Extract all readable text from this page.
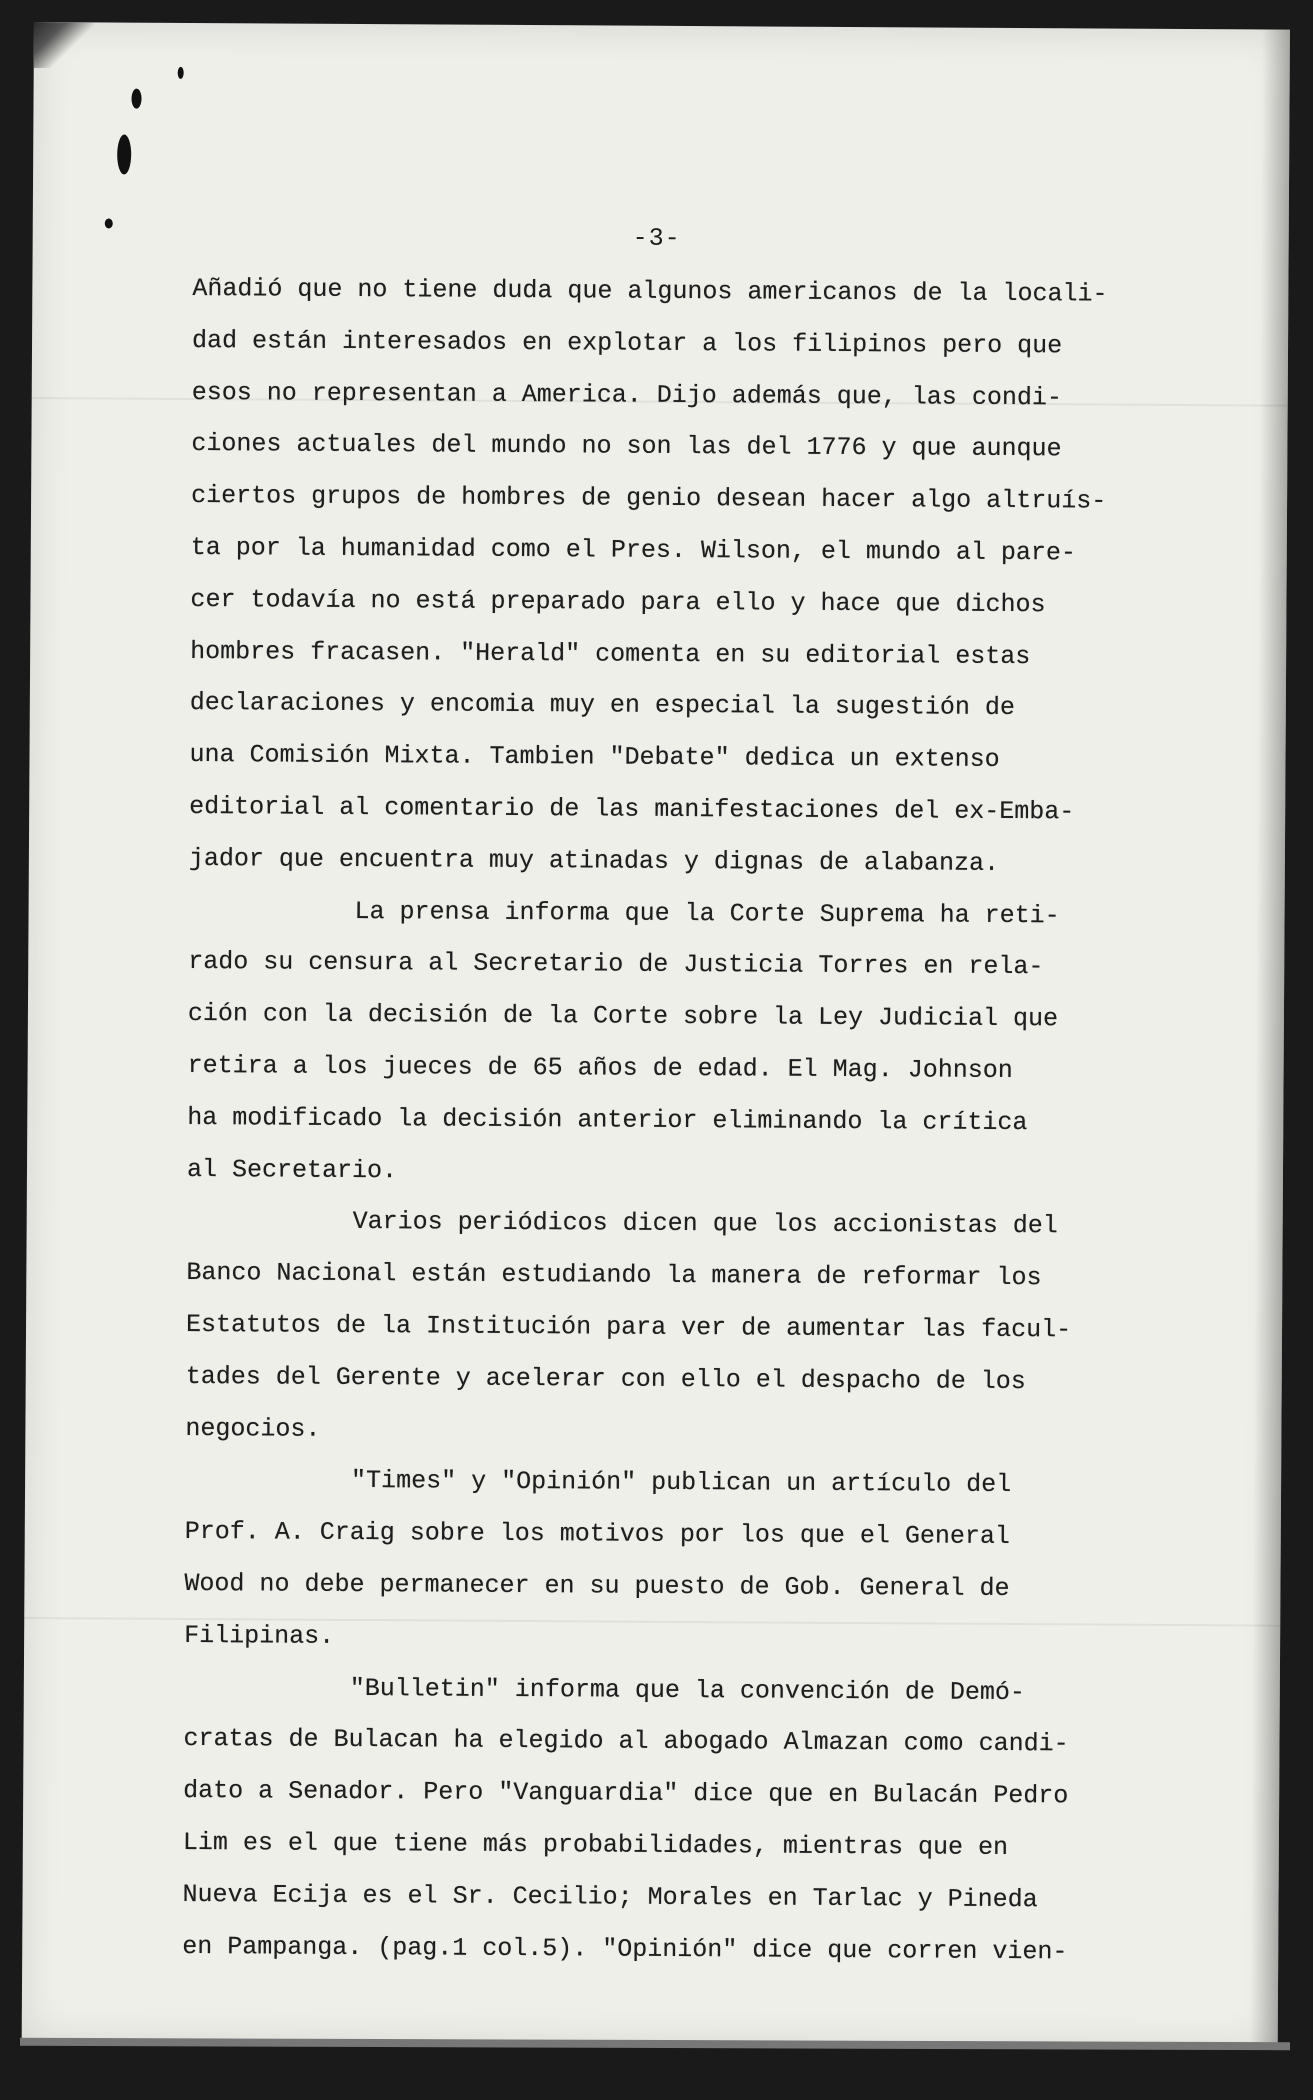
-3-
Añadió que no tiene duda que algunos americanos de la locali-
dad están interesados en explotar a los filipinos pero que
esos no representan a America. Dijo además que, las condi-
ciones actuales del mundo no son las del 1776 y que aunque
ciertos grupos de hombres de genio desean hacer algo altruís-
ta por la humanidad como el Pres. Wilson, el mundo al pare-
cer todavía no está preparado para ello y hace que dichos
hombres fracasen. "Herald" comenta en su editorial estas
declaraciones y encomia muy en especial la sugestión de
una Comisión Mixta. Tambien "Debate" dedica un extenso
editorial al comentario de las manifestaciones del ex-Emba-
jador que encuentra muy atinadas y dignas de alabanza.
La prensa informa que la Corte Suprema ha reti-
rado su censura al Secretario de Justicia Torres en rela-
ción con la decisión de la Corte sobre la Ley Judicial que
retira a los jueces de 65 años de edad. El Mag. Johnson
ha modificado la decisión anterior eliminando la crítica
al Secretario.
Varios periódicos dicen que los accionistas del
Banco Nacional están estudiando la manera de reformar los
Estatutos de la Institución para ver de aumentar las facul-
tades del Gerente y acelerar con ello el despacho de los
negocios.
"Times" y "Opinión" publican un artículo del
Prof. A. Craig sobre los motivos por los que el General
Wood no debe permanecer en su puesto de Gob. General de
Filipinas.
"Bulletin" informa que la convención de Demó-
cratas de Bulacan ha elegido al abogado Almazan como candi-
dato a Senador. Pero "Vanguardia" dice que en Bulacán Pedro
Lim es el que tiene más probabilidades, mientras que en
Nueva Ecija es el Sr. Cecilio; Morales en Tarlac y Pineda
en Pampanga. (pag.1 col.5). "Opinión" dice que corren vien-
